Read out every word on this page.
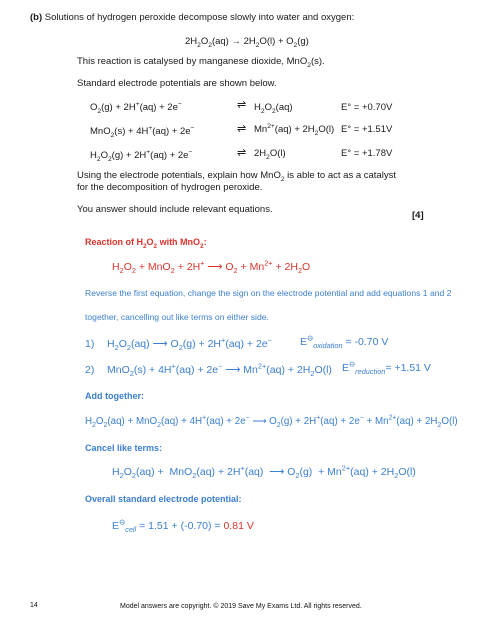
(b) Solutions of hydrogen peroxide decompose slowly into water and oxygen:
$2H_2O_2(aq) \to 2H_2O(l) + O_2(g)$
This reaction is catalysed by manganese dioxide, MnO$_2$(s).
Standard electrode potentials are shown below.
$O_2(g) + 2H^+(aq) + 2e^-$	⇌ $H_2O_2(aq)$	E° = +0.70V
MnO$_2$(s) + 4H+(aq) + 2e−	⇌ $Mn^{2+}(aq) + 2H_2O(l) E^\circ = +1.51V$
$H_2O_2(g) + 2H^+(aq) + 2e^-$	⇌ $2H_2O(l)$	E° = +1.78V
Using the electrode potentials, explain how MnO$_2$ is able to act as a catalyst for the decomposition of hydrogen peroxide.
You answer should include relevant equations.
[4]
Reaction of $H_2O_2$ with MnO$_2$:
$H_2O_2 + MnO_2 + 2H^+$ ⟶ $O_2 + Mn^{2+} + 2H_2O$
Reverse the first equation, change the sign on the electrode potential and add equations 1 and 2
together, cancelling out like terms on either side.
1) $H_2O_2(aq)$ ⟶ $O_2(g) + 2H^+(aq) + 2e^-$	$E^⊖_{oxidation} = -0.70$ V
2) MnO$_2$(s) + 4H+(aq) + 2e− ⟶ $Mn^{2+}(aq) + 2H_2O(l)$ $E^⊖_{reduction}= +1.51$ V
Add together:
$H_2O_2(aq) + MnO_2(aq) + 4H^+(aq) + 2e^-$ ⟶ $O_2(g) + 2H^+(aq) + 2e^- + Mn^{2+}(aq) + 2H_2O(l)$
Cancel like terms:
$H_2O_2(aq) + MnO_2(aq) + 2H^+(aq)$  ⟶ $O_2(g) + Mn^{2+}(aq) + 2H_2O(l)$
Overall standard electrode potential:
$E^⊖_{cell} = 1.51 + (-0.70) = 0.81$ V
14	Model answers are copyright. © 2019 Save My Exams Ltd. All rights reserved.
